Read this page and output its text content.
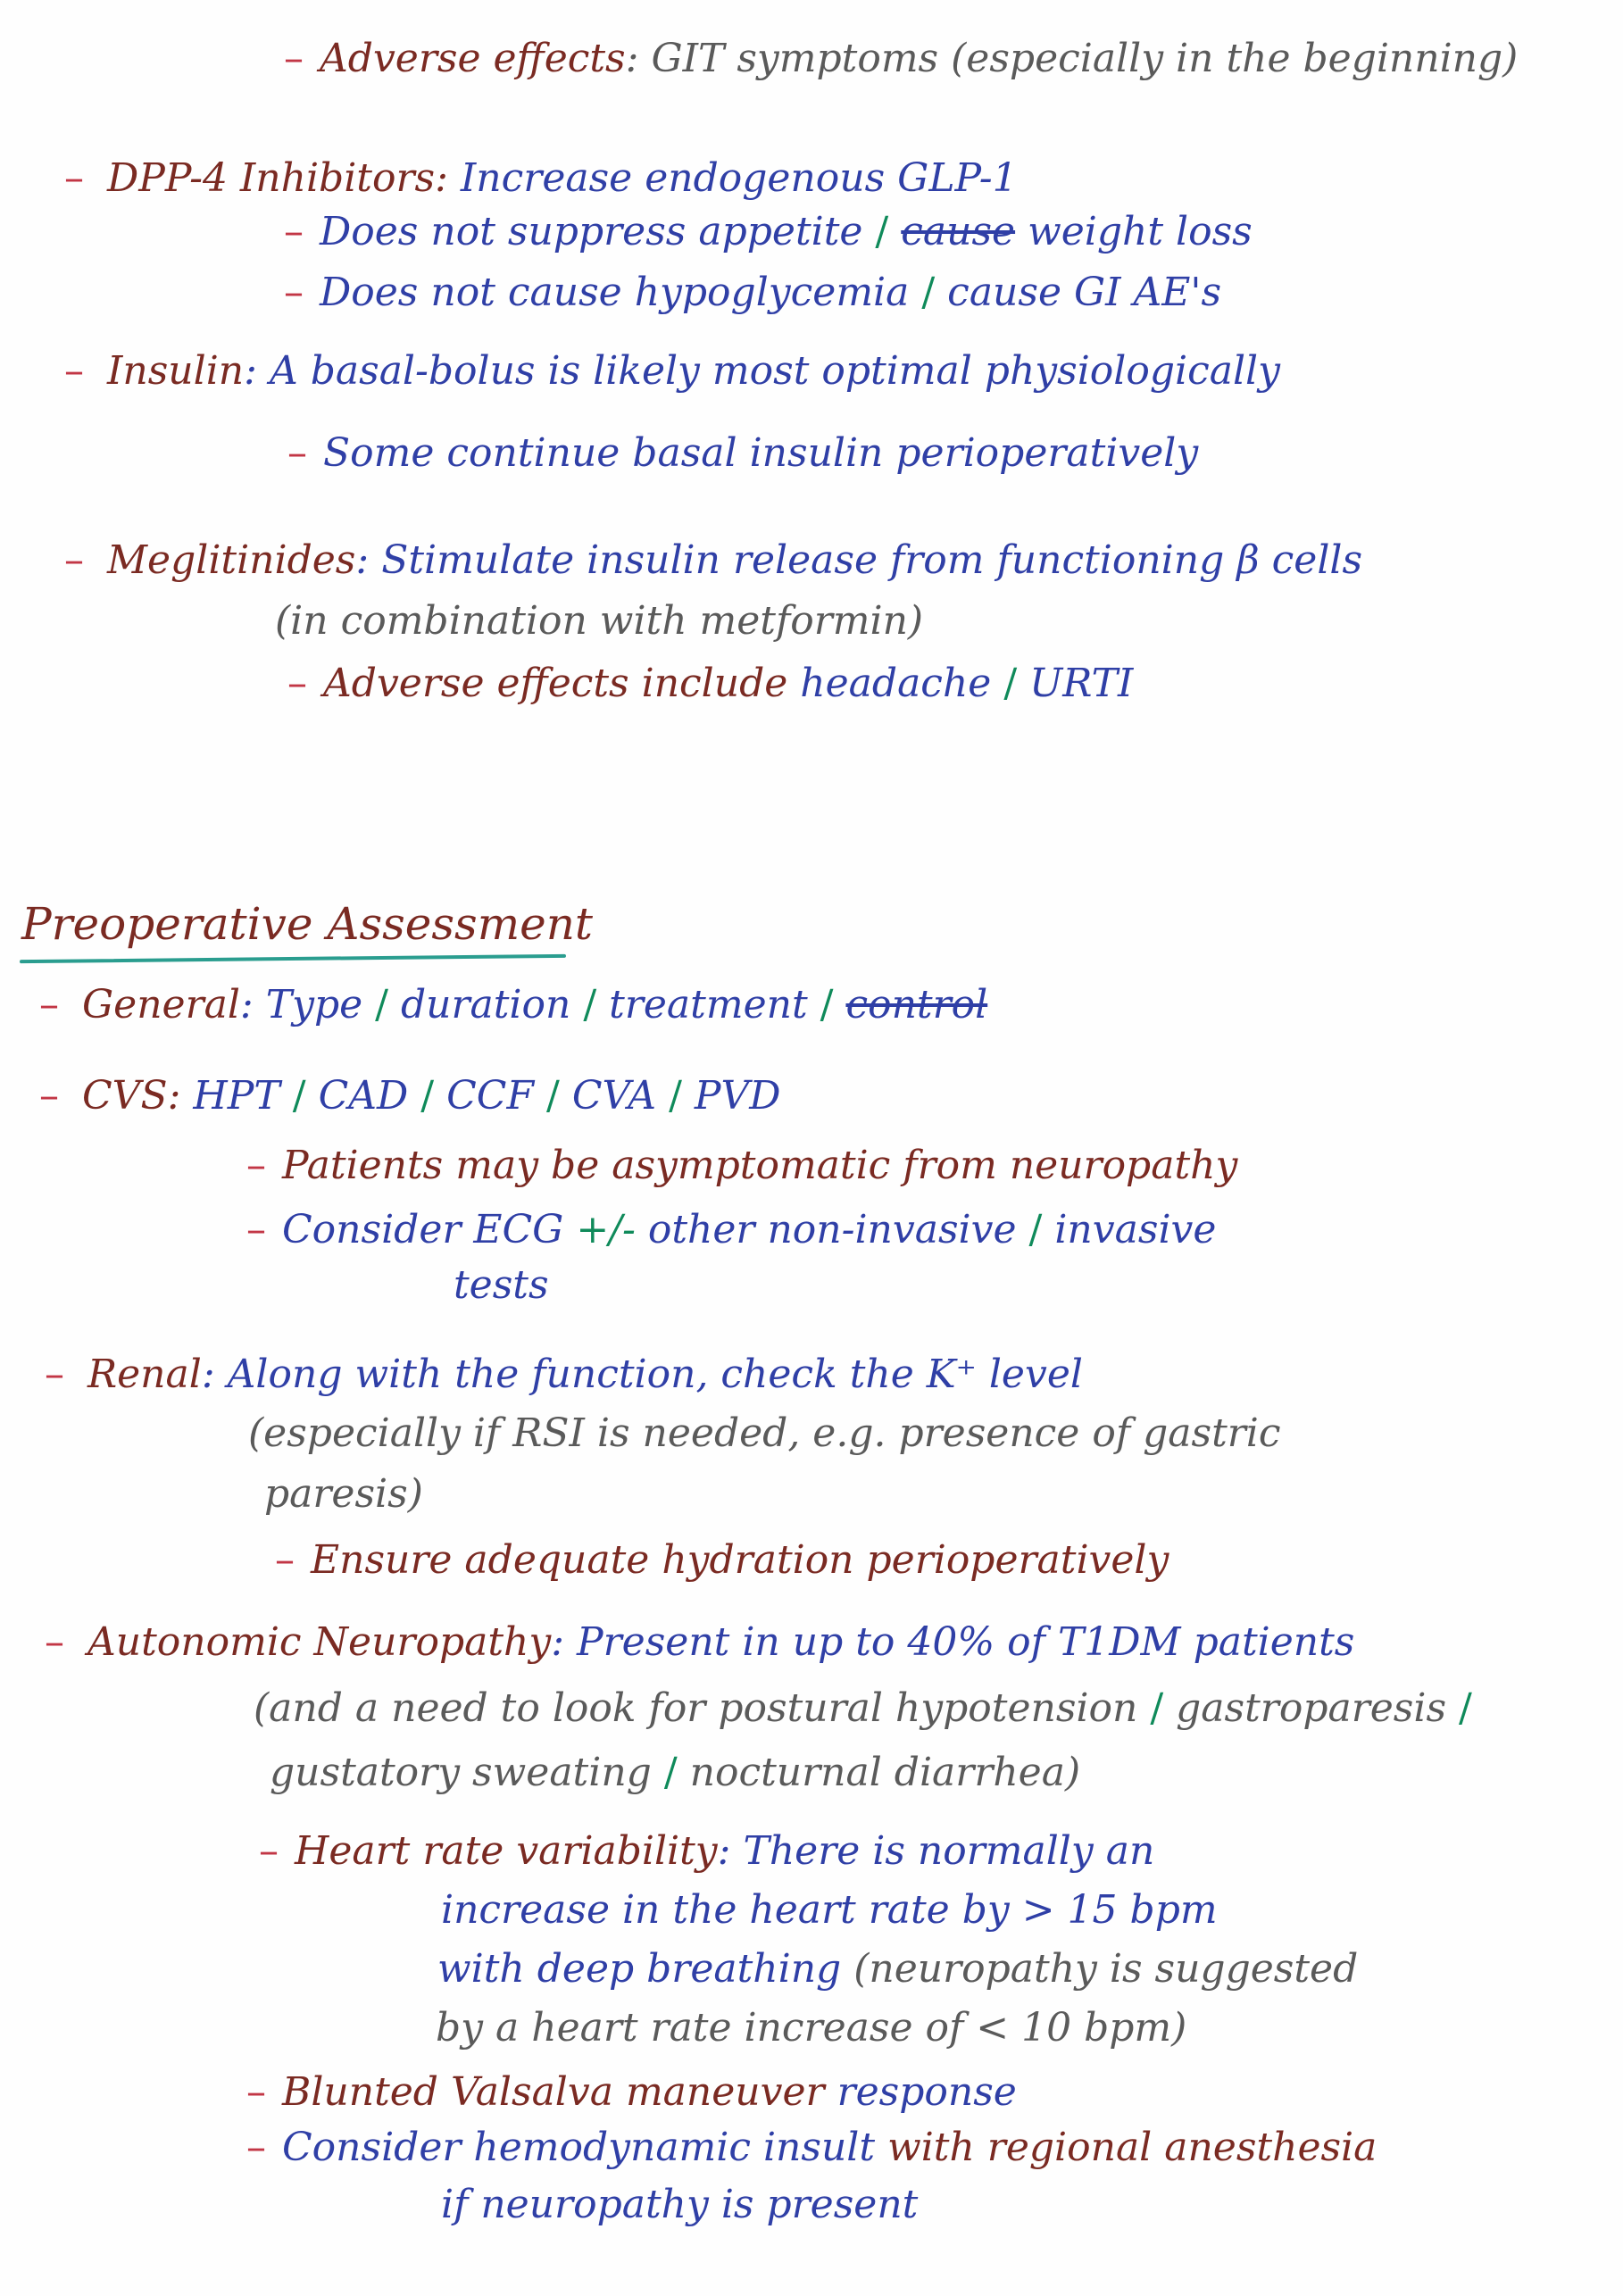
– Adverse effects: GIT symptoms (especially in the beginning)
– DPP-4 Inhibitors: Increase endogenous GLP-1
– Does not suppress appetite / cause weight loss
– Does not cause hypoglycemia / cause GI AE's
– Insulin: A basal-bolus is likely most optimal physiologically
– Some continue basal insulin perioperatively
– Meglitinides: Stimulate insulin release from functioning β cells
(in combination with metformin)
– Adverse effects include headache / URTI
Preoperative Assessment
– General: Type / duration / treatment / control
– CVS: HPT / CAD / CCF / CVA / PVD
– Patients may be asymptomatic from neuropathy
– Consider ECG +/- other non-invasive / invasive
tests
– Renal: Along with the function, check the K⁺ level
(especially if RSI is needed, e.g. presence of gastric
paresis)
– Ensure adequate hydration perioperatively
– Autonomic Neuropathy: Present in up to 40% of T1DM patients
(and a need to look for postural hypotension / gastroparesis /
gustatory sweating / nocturnal diarrhea)
– Heart rate variability: There is normally an
increase in the heart rate by > 15 bpm
with deep breathing (neuropathy is suggested
by a heart rate increase of < 10 bpm)
– Blunted Valsalva maneuver response
– Consider hemodynamic insult with regional anesthesia
if neuropathy is present
